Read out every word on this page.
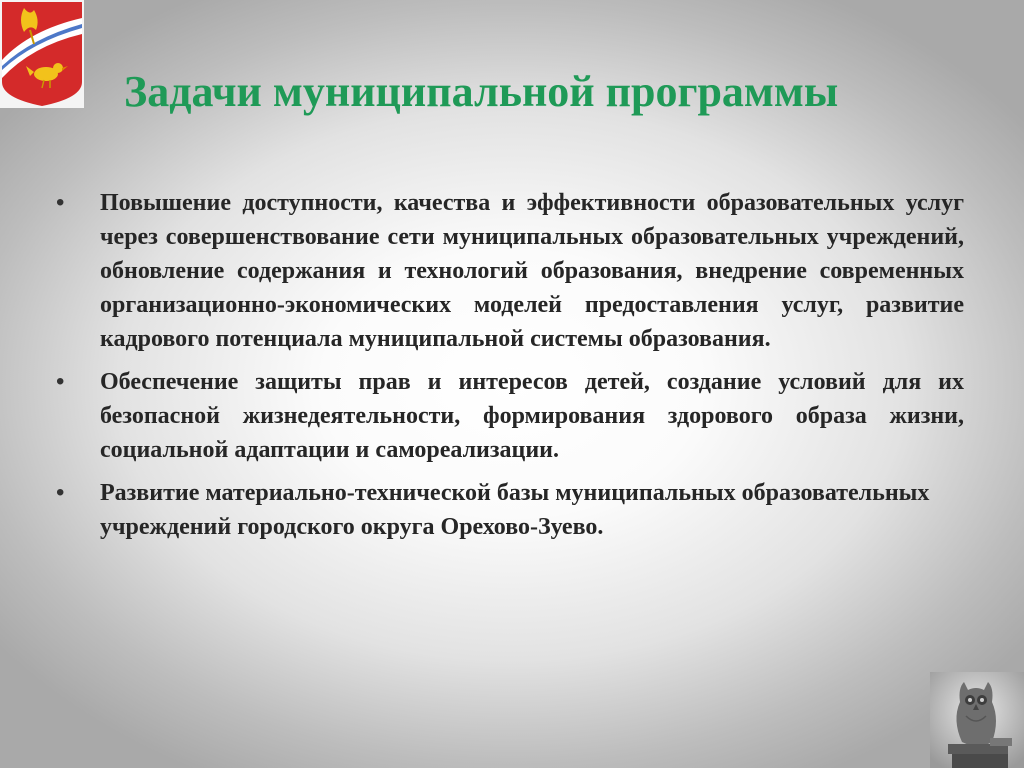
Задачи муниципальной программы
• Повышение доступности, качества и эффективности образовательных услуг через совершенствование сети муниципальных образовательных учреждений, обновление содержания и технологий образования, внедрение современных организационно-экономических моделей предоставления услуг, развитие кадрового потенциала муниципальной системы образования.
• Обеспечение защиты прав и интересов детей, создание условий для их безопасной жизнедеятельности, формирования здорового образа жизни, социальной адаптации и самореализации.
• Развитие материально-технической базы муниципальных образовательных учреждений городского округа Орехово-Зуево.
